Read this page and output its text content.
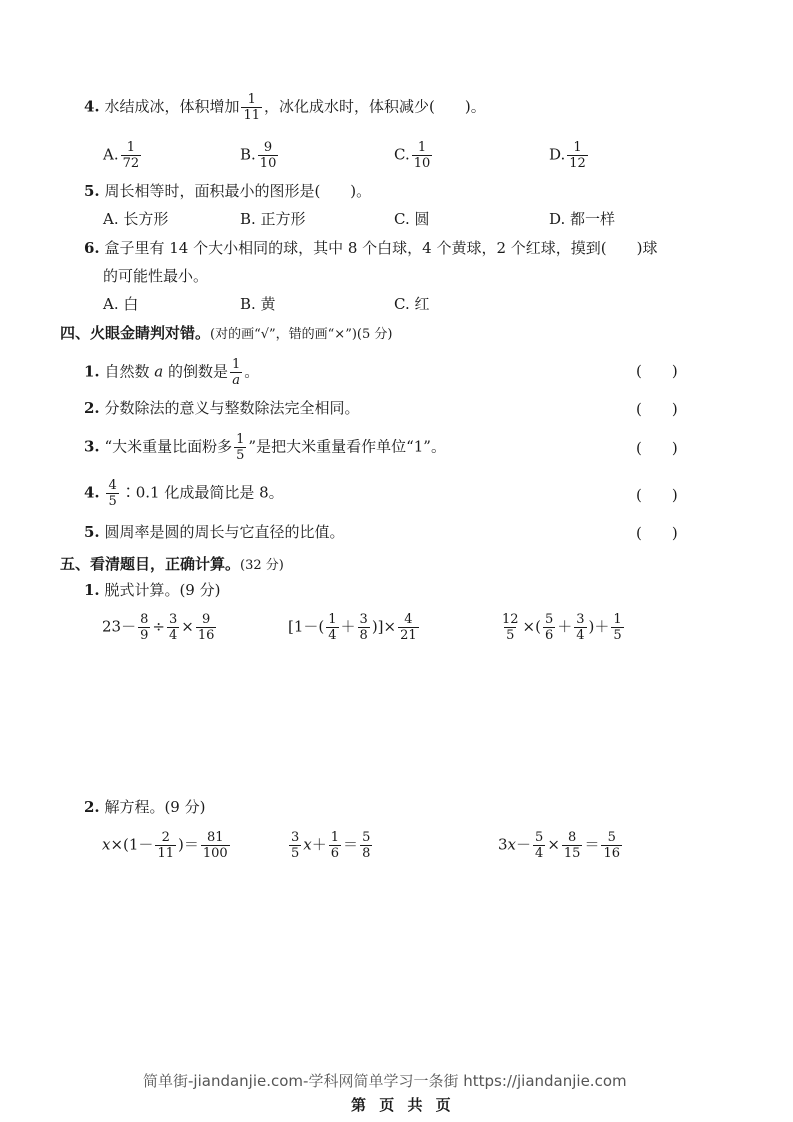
4. 水结成冰，体积增加 $\frac{1}{11}$ ，冰化成水时，体积减少(　　)。
A. $\frac{1}{72}$	B. $\frac{9}{10}$	C. $\frac{1}{10}$	D. $\frac{1}{12}$
5. 周长相等时，面积最小的图形是(　　)。
A. 长方形	B. 正方形	C. 圆	D. 都一样
6. 盒子里有 14 个大小相同的球，其中 8 个白球，4 个黄球，2 个红球，摸到(　　)球
的可能性最小。
A. 白	B. 黄	C. 红
四、火眼金睛判对错。(对的画“√”，错的画“×”)(5 分)
1. 自然数 a 的倒数是 $\frac{1}{a}$ 。	(　　)
2. 分数除法的意义与整数除法完全相同。	(　　)
3. “大米重量比面粉多 $\frac{1}{5}$ ”是把大米重量看作单位“1”。	(　　)
4. $\frac{4}{5}$ ∶0.1 化成最简比是 8。	(　　)
5. 圆周率是圆的周长与它直径的比值。	(　　)
五、看清题目，正确计算。(32 分)
1. 脱式计算。(9 分)
$23- \frac{8}{9} \div \frac{3}{4} \times \frac{9}{16}$	[$1-( \frac{1}{4} + \frac{3}{8}$ )]× $\frac{4}{21}$	$\frac{12}{5}$ ×( $\frac{5}{6} + \frac{3}{4}$ )＋ $\frac{1}{5}$
2. 解方程。(9 分)
$x\times(1- \frac{2}{11}$ )＝ $\frac{81}{100}$	$\frac{3}{5} x+ \frac{1}{6} = \frac{5}{8}$	$3x- \frac{5}{4} \times \frac{8}{15} = \frac{5}{16}$
简单街-jiandanjie.com-学科网简单学习一条街 https://jiandanjie.com
第 页 共 页
